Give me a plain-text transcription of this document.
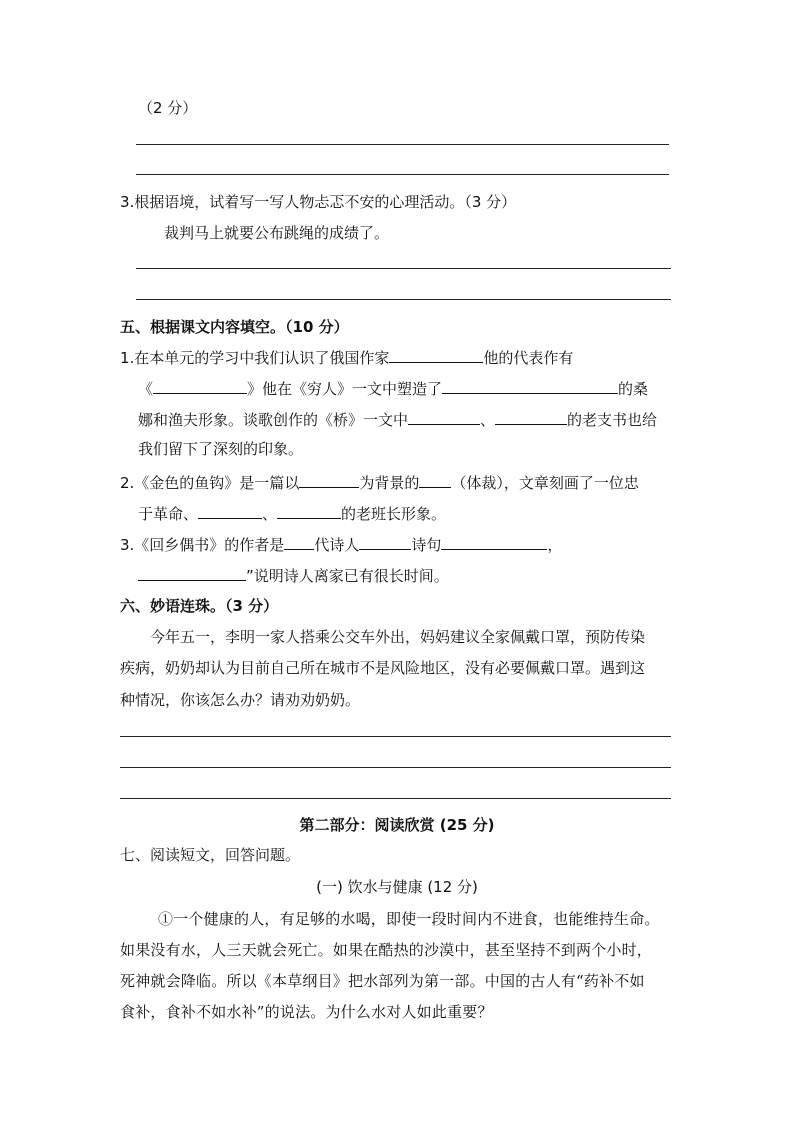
（2 分）
3.根据语境，试着写一写人物忐忑不安的心理活动。（3 分）
裁判马上就要公布跳绳的成绩了。
五、根据课文内容填空。（10 分）
1.在本单元的学习中我们认识了俄国作家	他的代表作有
《	》他在《穷人》一文中塑造了	的桑
娜和渔夫形象。谈歌创作的《桥》一文中	、	的老支书也给
我们留下了深刻的印象。
2.《金色的鱼钩》是一篇以	为背景的 （体裁），文章刻画了一位忠
于革命、	、	的老班长形象。
3.《回乡偶书》的作者是 代诗人	诗句	，
”说明诗人离家已有很长时间。
六、妙语连珠。（3 分）
今年五一，李明一家人搭乘公交车外出，妈妈建议全家佩戴口罩，预防传染
疾病，奶奶却认为目前自己所在城市不是风险地区，没有必要佩戴口罩。遇到这
种情况，你该怎么办？请劝劝奶奶。
第二部分：阅读欣赏 (25 分)
七、阅读短文，回答问题。
(一) 饮水与健康 (12 分)
①一个健康的人，有足够的水喝，即使一段时间内不进食，也能维持生命。
如果没有水，人三天就会死亡。如果在酷热的沙漠中，甚至坚持不到两个小时，
死神就会降临。所以《本草纲目》把水部列为第一部。中国的古人有“药补不如
食补，食补不如水补”的说法。为什么水对人如此重要？
